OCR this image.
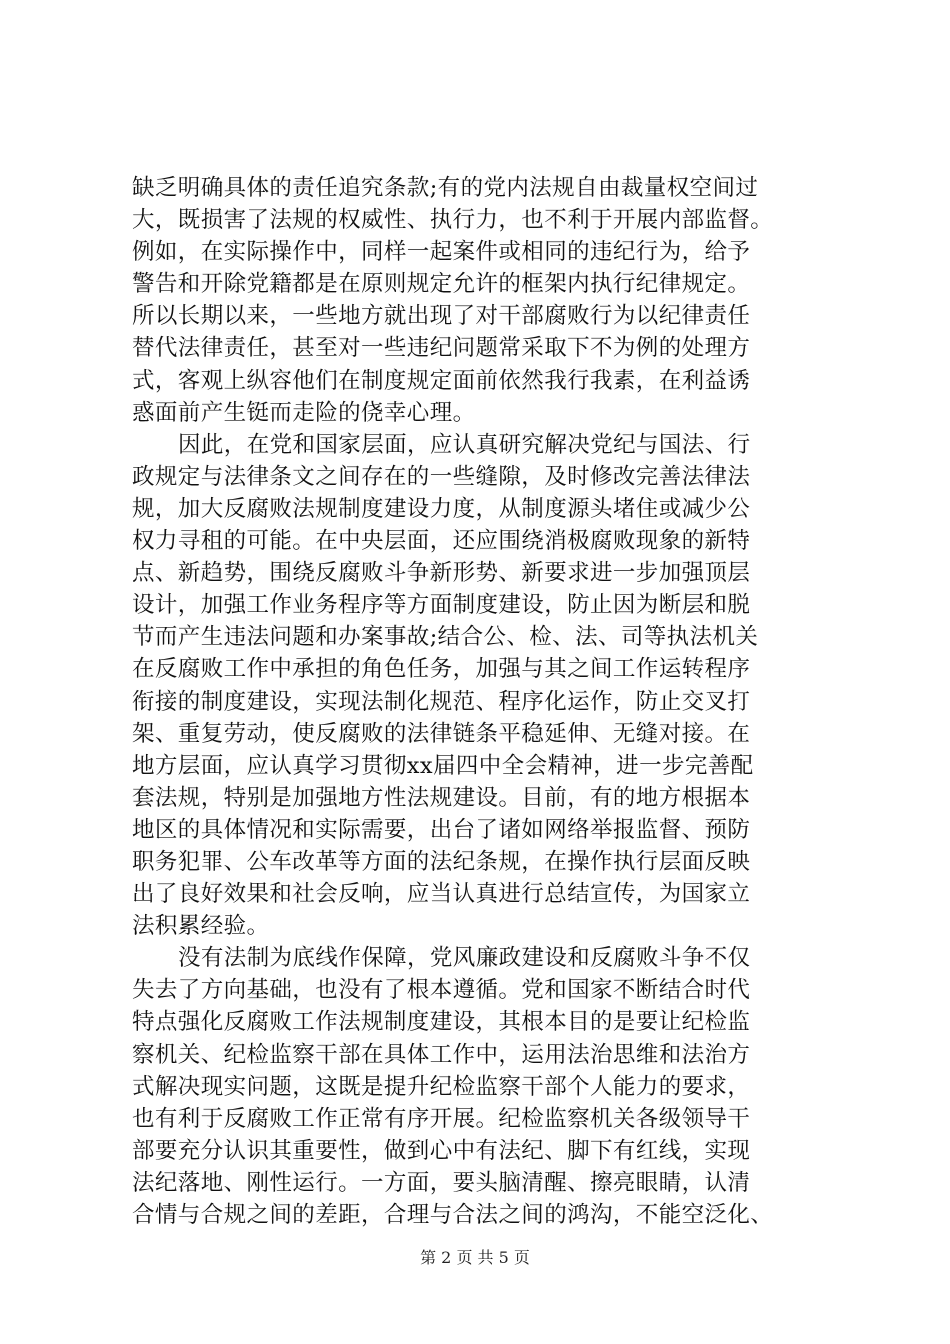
缺乏明确具体的责任追究条款;有的党内法规自由裁量权空间过
大，既损害了法规的权威性、执行力，也不利于开展内部监督。
例如，在实际操作中，同样一起案件或相同的违纪行为，给予
警告和开除党籍都是在原则规定允许的框架内执行纪律规定。
所以长期以来，一些地方就出现了对干部腐败行为以纪律责任
替代法律责任，甚至对一些违纪问题常采取下不为例的处理方
式，客观上纵容他们在制度规定面前依然我行我素，在利益诱
惑面前产生铤而走险的侥幸心理。
因此，在党和国家层面，应认真研究解决党纪与国法、行
政规定与法律条文之间存在的一些缝隙，及时修改完善法律法
规，加大反腐败法规制度建设力度，从制度源头堵住或减少公
权力寻租的可能。在中央层面，还应围绕消极腐败现象的新特
点、新趋势，围绕反腐败斗争新形势、新要求进一步加强顶层
设计，加强工作业务程序等方面制度建设，防止因为断层和脱
节而产生违法问题和办案事故;结合公、检、法、司等执法机关
在反腐败工作中承担的角色任务，加强与其之间工作运转程序
衔接的制度建设，实现法制化规范、程序化运作，防止交叉打
架、重复劳动，使反腐败的法律链条平稳延伸、无缝对接。在
地方层面，应认真学习贯彻xx届四中全会精神，进一步完善配
套法规，特别是加强地方性法规建设。目前，有的地方根据本
地区的具体情况和实际需要，出台了诸如网络举报监督、预防
职务犯罪、公车改革等方面的法纪条规，在操作执行层面反映
出了良好效果和社会反响，应当认真进行总结宣传，为国家立
法积累经验。
没有法制为底线作保障，党风廉政建设和反腐败斗争不仅
失去了方向基础，也没有了根本遵循。党和国家不断结合时代
特点强化反腐败工作法规制度建设，其根本目的是要让纪检监
察机关、纪检监察干部在具体工作中，运用法治思维和法治方
式解决现实问题，这既是提升纪检监察干部个人能力的要求，
也有利于反腐败工作正常有序开展。纪检监察机关各级领导干
部要充分认识其重要性，做到心中有法纪、脚下有红线，实现
法纪落地、刚性运行。一方面，要头脑清醒、擦亮眼睛，认清
合情与合规之间的差距，合理与合法之间的鸿沟，不能空泛化、
第 2 页 共 5 页
